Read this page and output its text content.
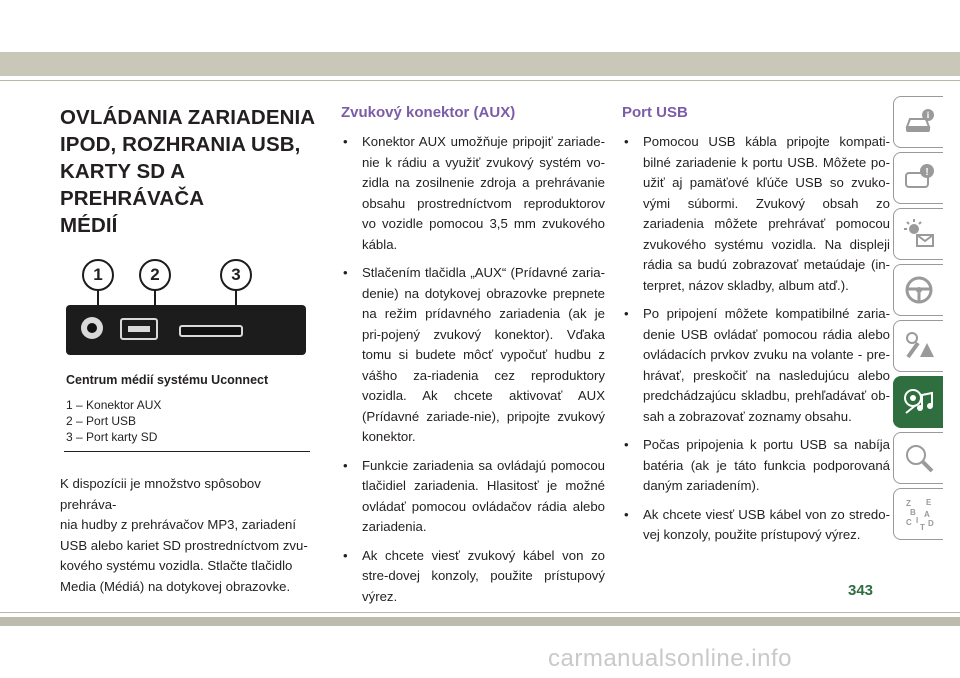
OVLÁDANIA ZARIADENIA
IPOD, ROZHRANIA USB,
KARTY SD A PREHRÁVAČA
MÉDIÍ
1	2	3
Centrum médií systému Uconnect
1 – Konektor AUX
2 – Port USB
3 – Port karty SD
K dispozícii je množstvo spôsobov prehráva-
nia hudby z prehrávačov MP3, zariadení
USB alebo kariet SD prostredníctvom zvu-
kového systému vozidla. Stlačte tlačidlo
Media (Médiá) na dotykovej obrazovke.
Zvukový konektor (AUX)
• Konektor AUX umožňuje pripojiť zariade-nie k rádiu a využiť zvukový systém vo-zidla na zosilnenie zdroja a prehrávanie obsahu prostredníctvom reproduktorov vo vozidle pomocou 3,5 mm zvukového kábla.
• Stlačením tlačidla „AUX“ (Prídavné zaria-denie) na dotykovej obrazovke prepnete na režim prídavného zariadenia (ak je pri-pojený zvukový konektor). Vďaka tomu si budete môcť vypočuť hudbu z vášho za-riadenia cez reproduktory vozidla. Ak chcete aktivovať AUX (Prídavné zariade-nie), pripojte zvukový konektor.
• Funkcie zariadenia sa ovládajú pomocou tlačidiel zariadenia. Hlasitosť je možné ovládať pomocou ovládačov rádia alebo zariadenia.
• Ak chcete viesť zvukový kábel von zo stre-dovej konzoly, použite prístupový výrez.
Port USB
• Pomocou USB kábla pripojte kompati-bilné zariadenie k portu USB. Môžete po-užiť aj pamäťové kľúče USB so zvuko-vými súbormi. Zvukový obsah zo zariadenia môžete prehrávať pomocou zvukového systému vozidla. Na displeji rádia sa budú zobrazovať metaúdaje (in-terpret, názov skladby, album atď.).
• Po pripojení môžete kompatibilné zaria-denie USB ovládať pomocou rádia alebo ovládacích prvkov zvuku na volante - pre-hrávať, preskočiť na nasledujúcu alebo predchádzajúcu skladbu, prehľadávať ob-sah a zobrazovať zoznamy obsahu.
• Počas pripojenia k portu USB sa nabíja batéria (ak je táto funkcia podporovaná daným zariadením).
• Ak chcete viesť USB kábel von zo stredo-vej konzoly, použite prístupový výrez.
i
!
Z E
B
C
A
I D
T
343
carmanualsonline.info
